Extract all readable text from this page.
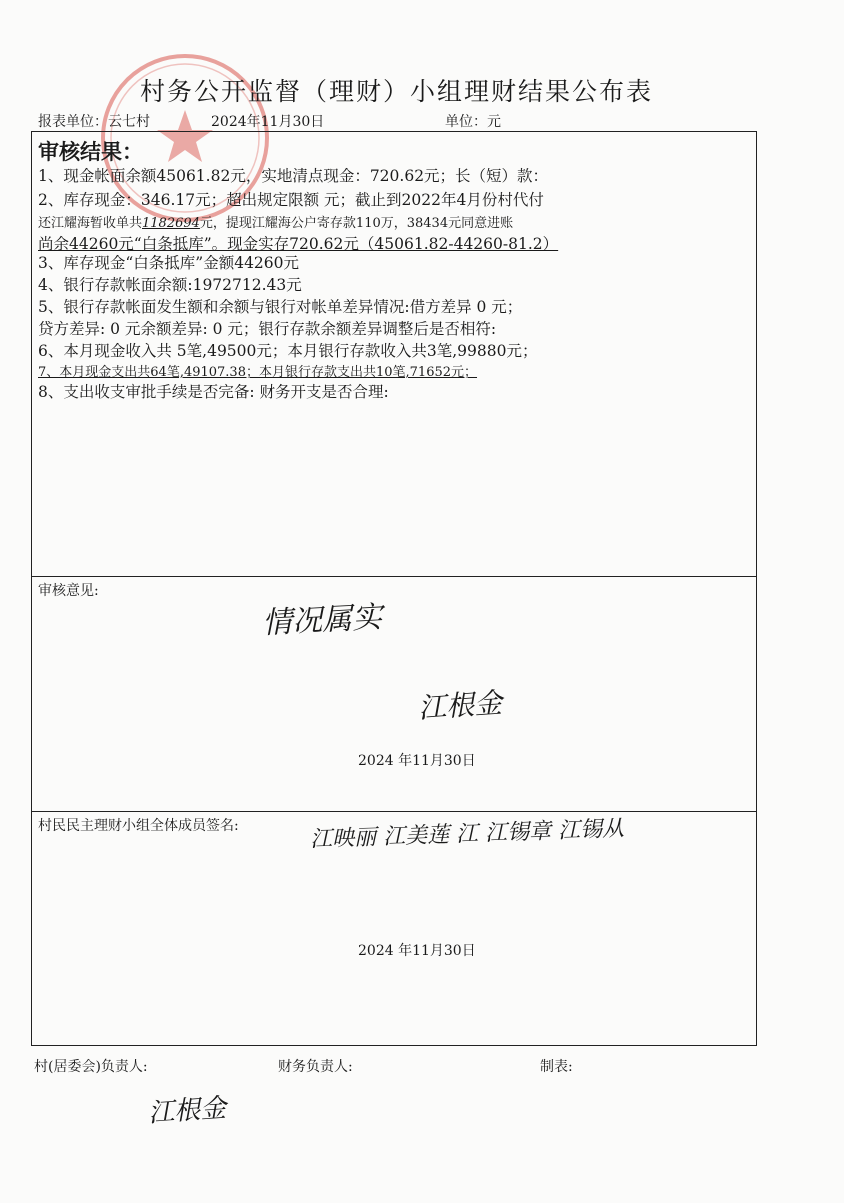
村务公开监督（理财）小组理财结果公布表
报表单位：云七村	2024年11月30日	单位：元
审核结果：
1、现金帐面余额45061.82元，实地清点现金：720.62元；长（短）款：
2、库存现金：346.17元；超出规定限额 元；截止到2022年4月份村代付
还江耀海暂收单共1182694元，提现江耀海公户寄存款110万，38434元同意进账
尚余44260元“白条抵库”。现金实存720.62元（45061.82-44260-81.2）
3、库存现金“白条抵库”金额44260元
4、银行存款帐面余额:1972712.43元
5、银行存款帐面发生额和余额与银行对帐单差异情况:借方差异 0 元；
贷方差异: 0 元余额差异: 0 元；银行存款余额差异调整后是否相符:
6、本月现金收入共 5笔,49500元；本月银行存款收入共3笔,99880元；
7、本月现金支出共64笔,49107.38；本月银行存款支出共10笔,71652元；
8、支出收支审批手续是否完备: 财务开支是否合理:
审核意见:
情况属实
江根金
2024 年11月30日
村民民主理财小组全体成员签名:	江映丽 江美莲 江 江锡章 江锡从
2024 年11月30日
村(居委会)负责人:	财务负责人:	制表:
江根金
